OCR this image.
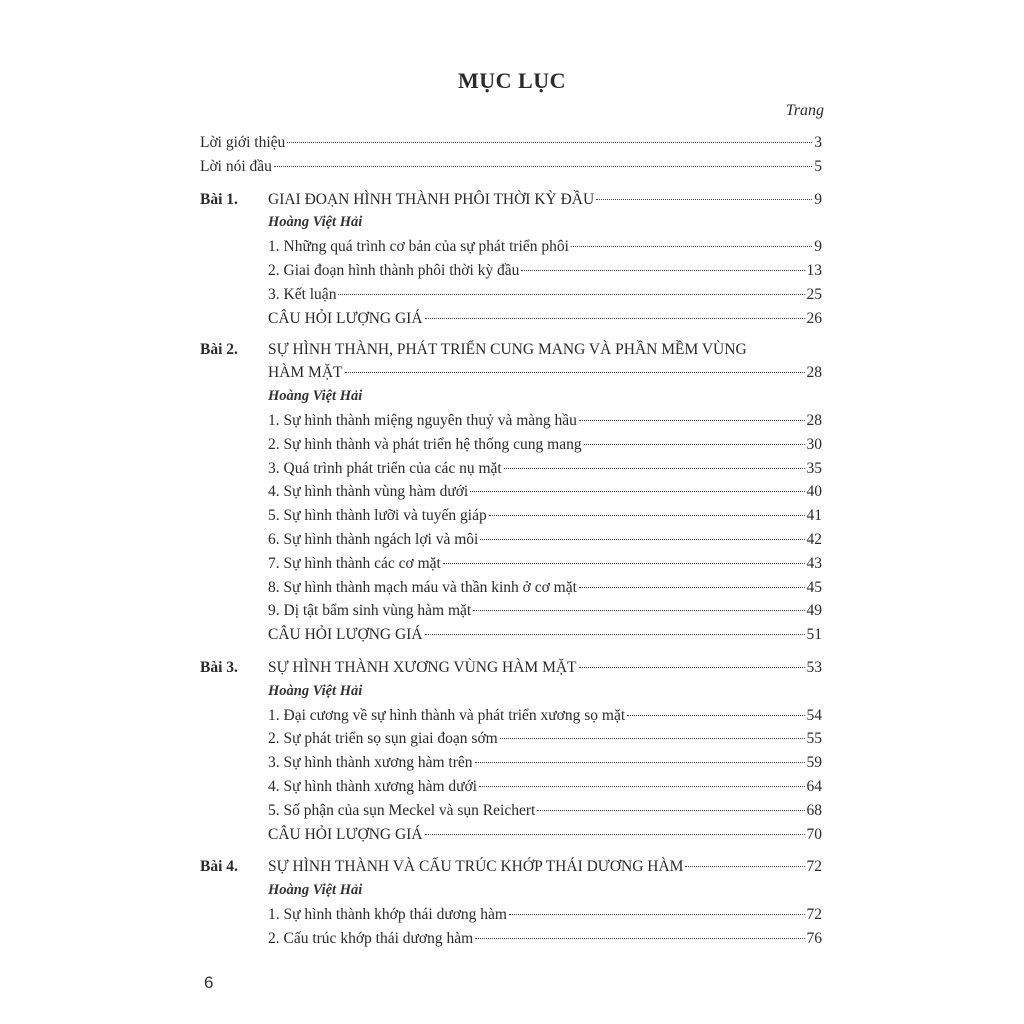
MỤC LỤC
Trang
Lời giới thiệu	3
Lời nói đầu	5
Bài 1.	GIAI ĐOẠN HÌNH THÀNH PHÔI THỜI KỲ ĐẦU	9
Hoàng Việt Hải
1. Những quá trình cơ bản của sự phát triển phôi	9
2. Giai đoạn hình thành phôi thời kỳ đầu	13
3. Kết luận	25
CÂU HỎI LƯỢNG GIÁ	26
Bài 2.	SỰ HÌNH THÀNH, PHÁT TRIỂN CUNG MANG VÀ PHẦN MỀM VÙNG
HÀM MẶT	28
Hoàng Việt Hải
1. Sự hình thành miệng nguyên thuỷ và màng hầu	28
2. Sự hình thành và phát triển hệ thống cung mang	30
3. Quá trình phát triển của các nụ mặt	35
4. Sự hình thành vùng hàm dưới	40
5. Sự hình thành lưỡi và tuyến giáp	41
6. Sự hình thành ngách lợi và môi	42
7. Sự hình thành các cơ mặt	43
8. Sự hình thành mạch máu và thần kinh ở cơ mặt	45
9. Dị tật bẩm sinh vùng hàm mặt	49
CÂU HỎI LƯỢNG GIÁ	51
Bài 3.	SỰ HÌNH THÀNH XƯƠNG VÙNG HÀM MẶT	53
Hoàng Việt Hải
1. Đại cương về sự hình thành và phát triển xương sọ mặt	54
2. Sự phát triển sọ sụn giai đoạn sớm	55
3. Sự hình thành xương hàm trên	59
4. Sự hình thành xương hàm dưới	64
5. Số phận của sụn Meckel và sụn Reichert	68
CÂU HỎI LƯỢNG GIÁ	70
Bài 4.	SỰ HÌNH THÀNH VÀ CẤU TRÚC KHỚP THÁI DƯƠNG HÀM	72
Hoàng Việt Hải
1. Sự hình thành khớp thái dương hàm	72
2. Cấu trúc khớp thái dương hàm	76
6
